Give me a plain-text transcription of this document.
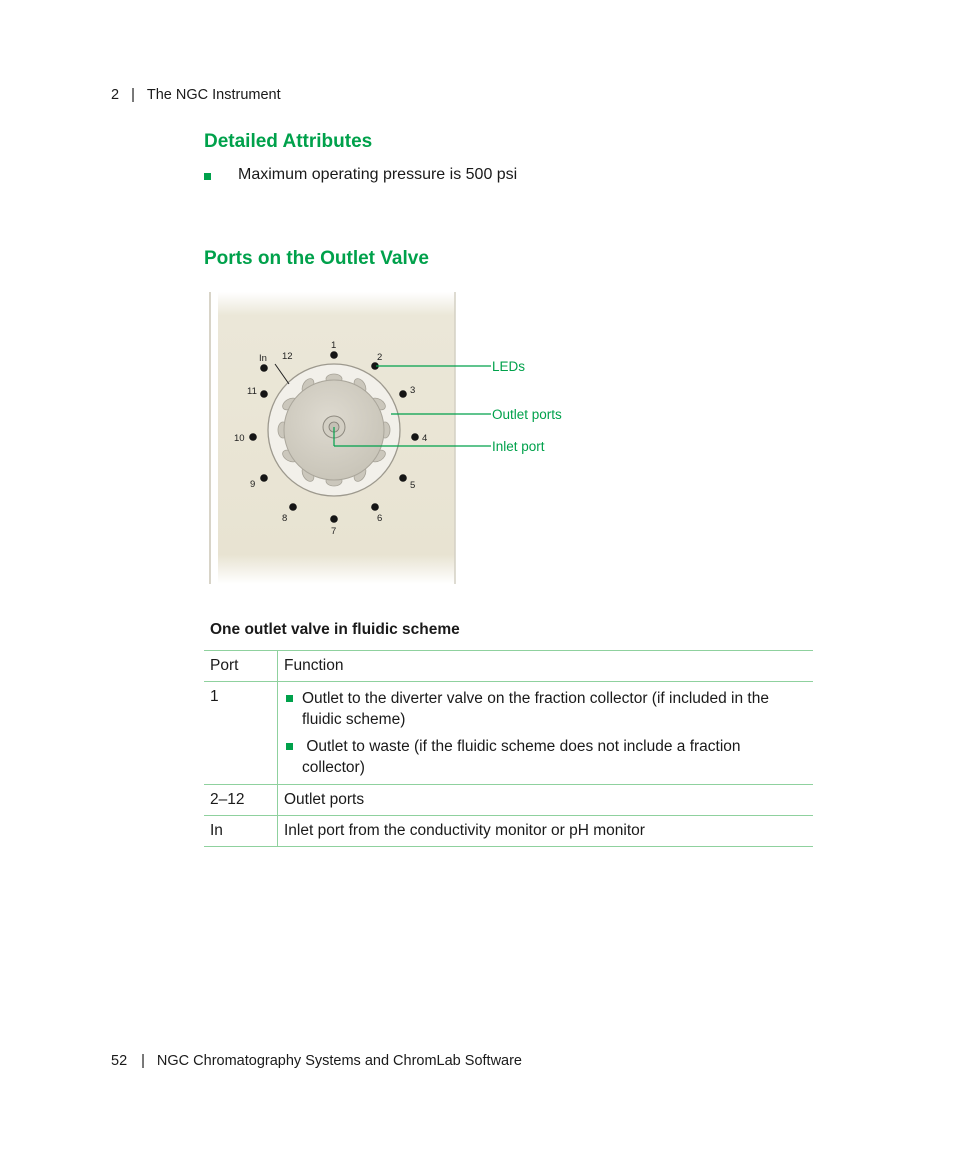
2 | The NGC Instrument
Detailed Attributes
Maximum operating pressure is 500 psi
Ports on the Outlet Valve
1
2
3
4
5
6
7
8
9
10
11
12
In
LEDs
Outlet ports
Inlet port
One outlet valve in fluidic scheme
Port	Function
1	Outlet to the diverter valve on the fraction collector (if included in the fluidic scheme)
Outlet to waste (if the fluidic scheme does not include a fraction collector)

2–12	Outlet ports
In	Inlet port from the conductivity monitor or pH monitor
52 | NGC Chromatography Systems and ChromLab Software
